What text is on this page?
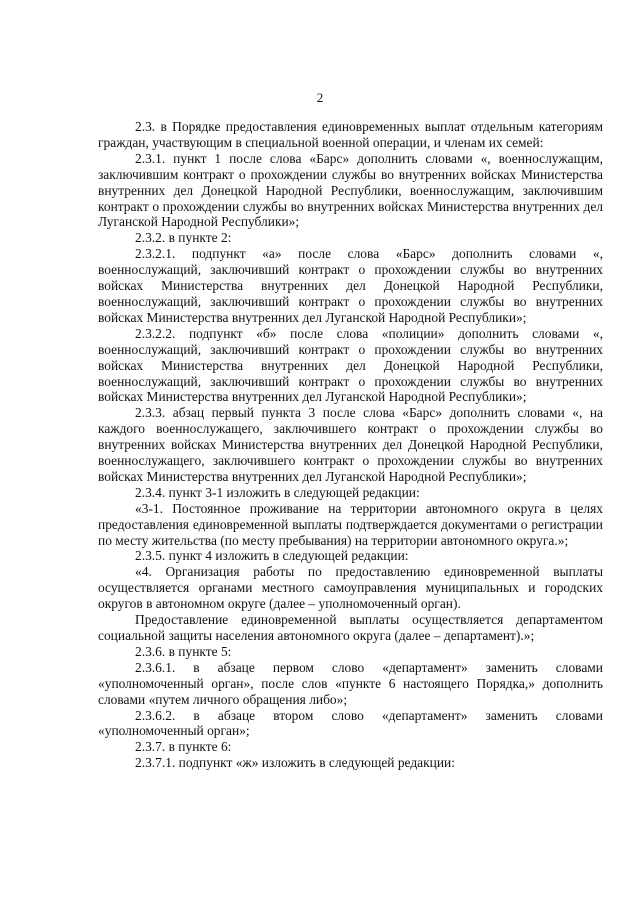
2

2.3. в Порядке предоставления единовременных выплат отдельным категориям граждан, участвующим в специальной военной операции, и членам их семей:

2.3.1. пункт 1 после слова «Барс» дополнить словами «, военнослужащим, заключившим контракт о прохождении службы во внутренних войсках Министерства внутренних дел Донецкой Народной Республики, военнослужащим, заключившим контракт о прохождении службы во внутренних войсках Министерства внутренних дел Луганской Народной Республики»;

2.3.2. в пункте 2:

2.3.2.1. подпункт «а» после слова «Барс» дополнить словами «, военнослужащий, заключивший контракт о прохождении службы во внутренних войсках Министерства внутренних дел Донецкой Народной Республики, военнослужащий, заключивший контракт о прохождении службы во внутренних войсках Министерства внутренних дел Луганской Народной Республики»;

2.3.2.2. подпункт «б» после слова «полиции» дополнить словами «, военнослужащий, заключивший контракт о прохождении службы во внутренних войсках Министерства внутренних дел Донецкой Народной Республики, военнослужащий, заключивший контракт о прохождении службы во внутренних войсках Министерства внутренних дел Луганской Народной Республики»;

2.3.3. абзац первый пункта 3 после слова «Барс» дополнить словами «, на каждого военнослужащего, заключившего контракт о прохождении службы во внутренних войсках Министерства внутренних дел Донецкой Народной Республики, военнослужащего, заключившего контракт о прохождении службы во внутренних войсках Министерства внутренних дел Луганской Народной Республики»;

2.3.4. пункт 3-1 изложить в следующей редакции:

«3-1. Постоянное проживание на территории автономного округа в целях предоставления единовременной выплаты подтверждается документами о регистрации по месту жительства (по месту пребывания) на территории автономного округа.»;

2.3.5. пункт 4 изложить в следующей редакции:

«4. Организация работы по предоставлению единовременной выплаты осуществляется органами местного самоуправления муниципальных и городских округов в автономном округе (далее – уполномоченный орган).

Предоставление единовременной выплаты осуществляется департаментом социальной защиты населения автономного округа (далее – департамент).»;

2.3.6. в пункте 5:

2.3.6.1. в абзаце первом слово «департамент» заменить словами «уполномоченный орган», после слов «пункте 6 настоящего Порядка,» дополнить словами «путем личного обращения либо»;

2.3.6.2. в абзаце втором слово «департамент» заменить словами «уполномоченный орган»;

2.3.7. в пункте 6:

2.3.7.1. подпункт «ж» изложить в следующей редакции:
